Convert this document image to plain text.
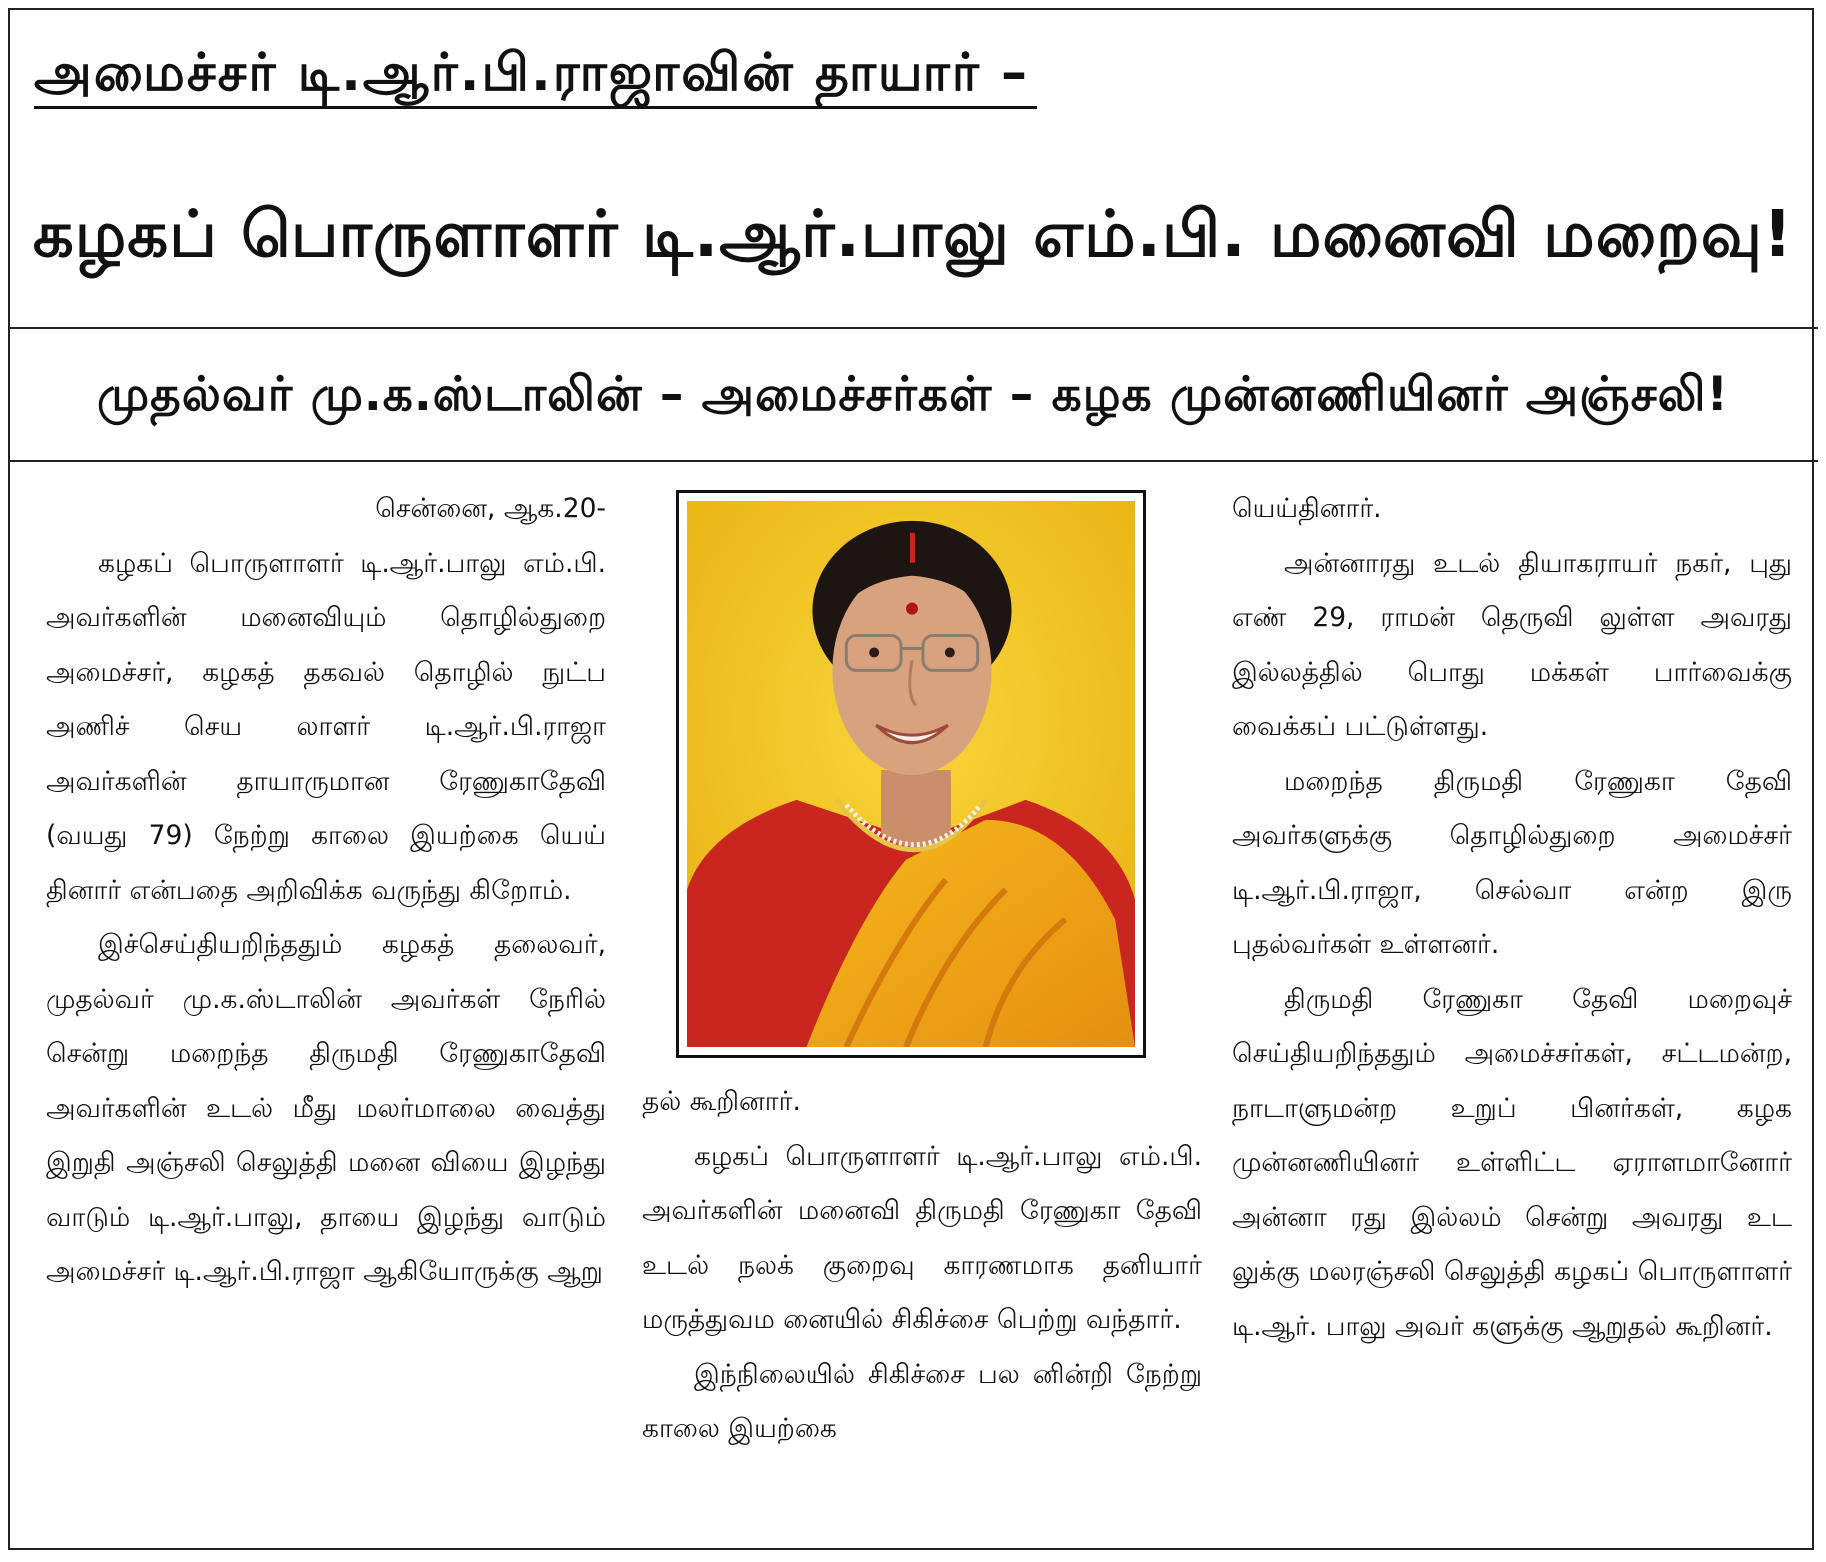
அமைச்சர் டி.ஆர்.பி.ராஜாவின் தாயார் –
கழகப் பொருளாளர் டி.ஆர்.பாலு எம்.பி. மனைவி மறைவு!
முதல்வர் மு.க.ஸ்டாலின் – அமைச்சர்கள் – கழக முன்னணியினர் அஞ்சலி!

சென்னை, ஆக.20-

கழகப் பொருளாளர் டி.ஆர்.பாலு எம்.பி. அவர்களின் மனைவியும் தொழில்துறை அமைச்சர், கழகத் தகவல் தொழில் நுட்ப அணிச் செய லாளர் டி.ஆர்.பி.ராஜா அவர்களின் தாயாருமான ரேணுகாதேவி (வயது 79) நேற்று காலை இயற்கை யெய் தினார் என்பதை அறிவிக்க வருந்து கிறோம்.

இச்செய்தியறிந்ததும் கழகத் தலைவர், முதல்வர் மு.க.ஸ்டாலின் அவர்கள் நேரில் சென்று மறைந்த திருமதி ரேணுகாதேவி அவர்களின் உடல் மீது மலர்மாலை வைத்து இறுதி அஞ்சலி செலுத்தி மனை வியை இழந்து வாடும் டி.ஆர்.பாலு, தாயை இழந்து வாடும் அமைச்சர் டி.ஆர்.பி.ராஜா ஆகியோருக்கு ஆறு

தல் கூறினார்.

கழகப் பொருளாளர் டி.ஆர்.பாலு எம்.பி. அவர்களின் மனைவி திருமதி ரேணுகா தேவி உடல் நலக் குறைவு காரணமாக தனியார் மருத்துவம னையில் சிகிச்சை பெற்று வந்தார்.

இந்நிலையில் சிகிச்சை பல னின்றி நேற்று காலை இயற்கை

யெய்தினார்.

அன்னாரது உடல் தியாகராயர் நகர், புது எண் 29, ராமன் தெருவி லுள்ள அவரது இல்லத்தில் பொது மக்கள் பார்வைக்கு வைக்கப் பட்டுள்ளது.

மறைந்த திருமதி ரேணுகா தேவி அவர்களுக்கு தொழில்துறை அமைச்சர் டி.ஆர்.பி.ராஜா, செல்வா என்ற இரு புதல்வர்கள் உள்ளனர்.

திருமதி ரேணுகா தேவி மறைவுச் செய்தியறிந்ததும் அமைச்சர்கள், சட்டமன்ற, நாடாளுமன்ற உறுப் பினர்கள், கழக முன்னணியினர் உள்ளிட்ட ஏராளமானோர் அன்னா ரது இல்லம் சென்று அவரது உட லுக்கு மலரஞ்சலி செலுத்தி கழகப் பொருளாளர் டி.ஆர். பாலு அவர் களுக்கு ஆறுதல் கூறினர்.
